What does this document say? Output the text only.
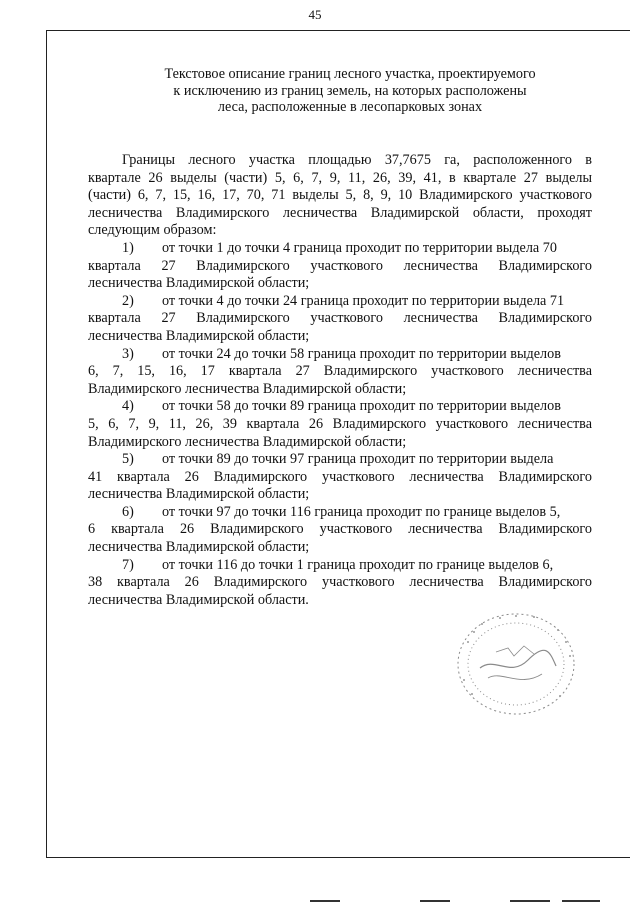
45
Текстовое описание границ лесного участка, проектируемого
к исключению из границ земель, на которых расположены
леса, расположенные в лесопарковых зонах
Границы лесного участка площадью 37,7675 га, расположенного в
квартале 26 выделы (части) 5, 6, 7, 9, 11, 26, 39, 41, в квартале 27 выделы
(части) 6, 7, 15, 16, 17, 70, 71 выделы 5, 8, 9, 10 Владимирского участкового
лесничества Владимирского лесничества Владимирской области, проходят
следующим образом:
1) от точки 1 до точки 4 граница проходит по территории выдела 70
квартала 27 Владимирского участкового лесничества Владимирского
лесничества Владимирской области;
2) от точки 4 до точки 24 граница проходит по территории выдела 71
квартала 27 Владимирского участкового лесничества Владимирского
лесничества Владимирской области;
3) от точки 24 до точки 58 граница проходит по территории выделов
6, 7, 15, 16, 17 квартала 27 Владимирского участкового лесничества
Владимирского лесничества Владимирской области;
4) от точки 58 до точки 89 граница проходит по территории выделов
5, 6, 7, 9, 11, 26, 39 квартала 26 Владимирского участкового лесничества
Владимирского лесничества Владимирской области;
5) от точки 89 до точки 97 граница проходит по территории выдела
41 квартала 26 Владимирского участкового лесничества Владимирского
лесничества Владимирской области;
6) от точки 97 до точки 116 граница проходит по границе выделов 5,
6 квартала 26 Владимирского участкового лесничества Владимирского
лесничества Владимирской области;
7) от точки 116 до точки 1 граница проходит по границе выделов 6,
38 квартала 26 Владимирского участкового лесничества Владимирского
лесничества Владимирской области.
